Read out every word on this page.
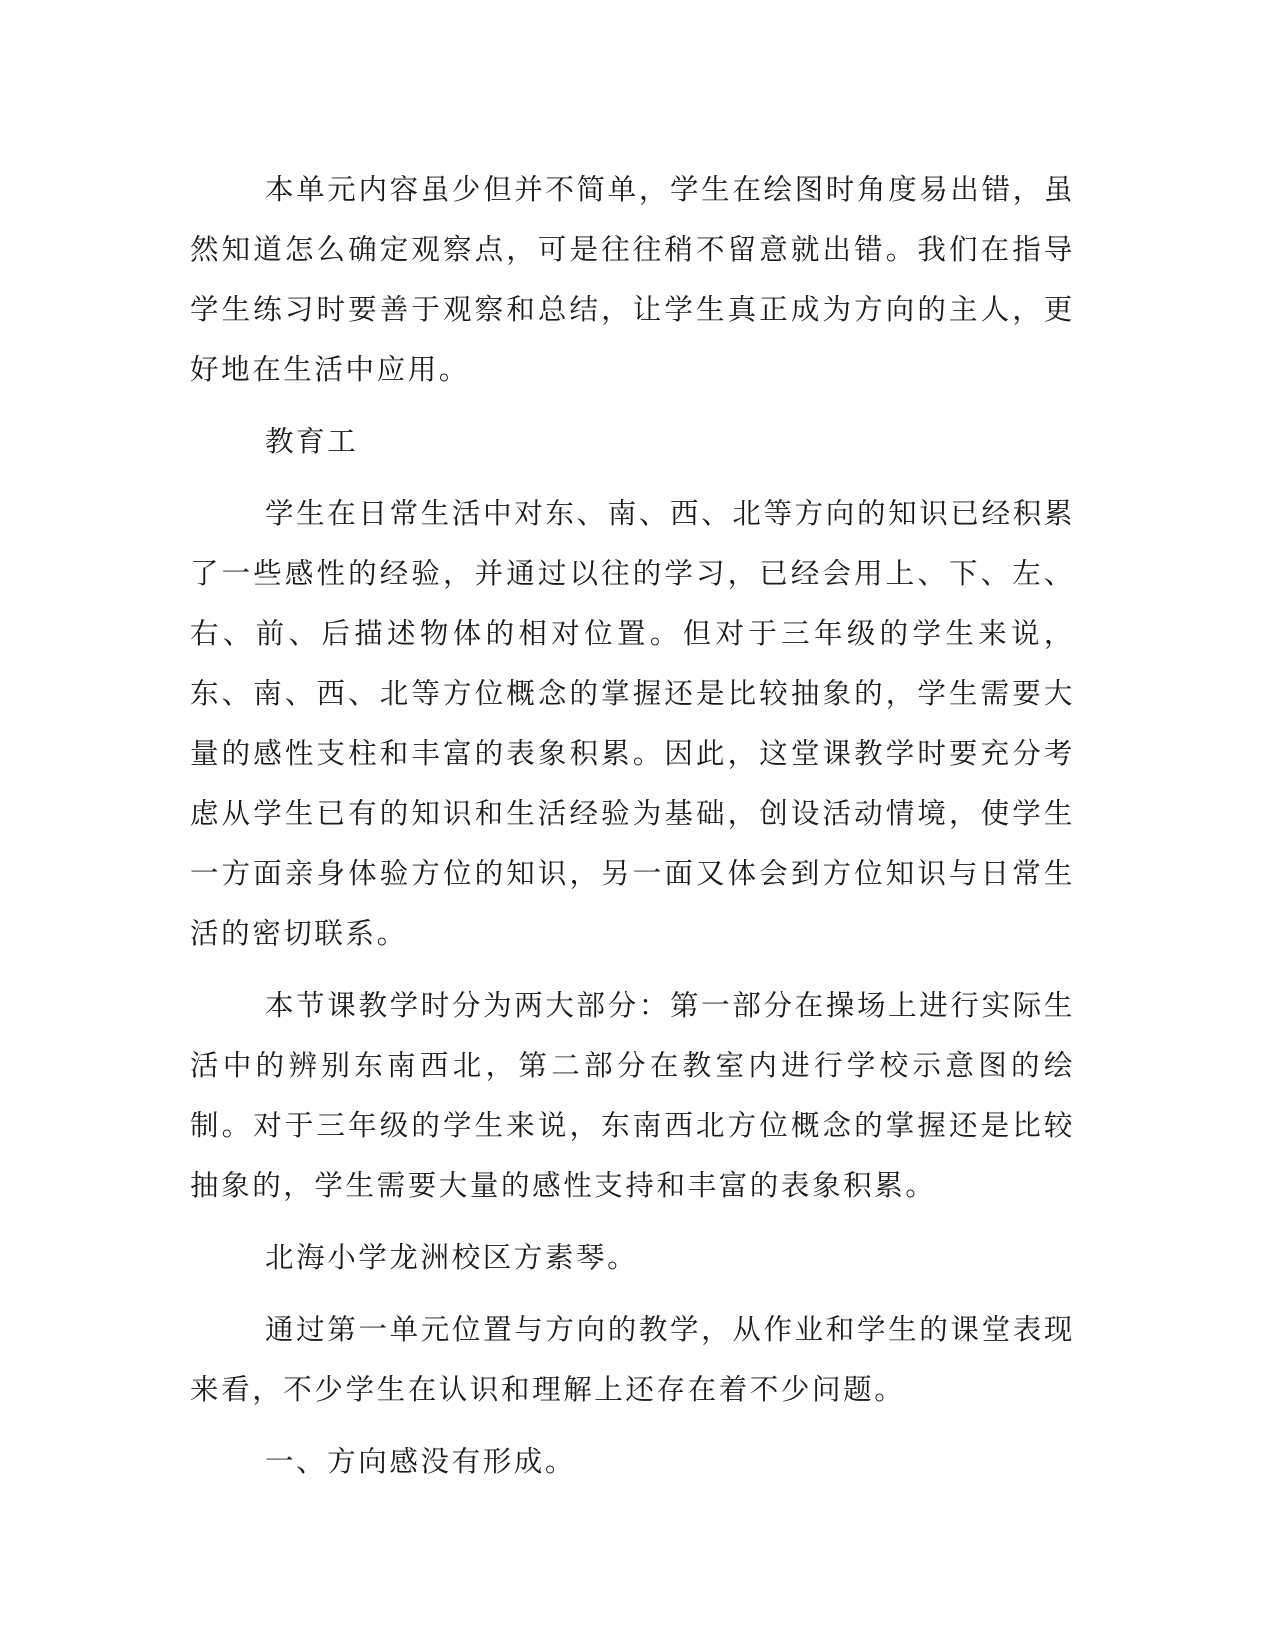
本单元内容虽少但并不简单，学生在绘图时角度易出错，虽然知道怎么确定观察点，可是往往稍不留意就出错。我们在指导学生练习时要善于观察和总结，让学生真正成为方向的主人，更好地在生活中应用。

教育工

学生在日常生活中对东、南、西、北等方向的知识已经积累了一些感性的经验，并通过以往的学习，已经会用上、下、左、右、前、后描述物体的相对位置。但对于三年级的学生来说，东、南、西、北等方位概念的掌握还是比较抽象的，学生需要大量的感性支柱和丰富的表象积累。因此，这堂课教学时要充分考虑从学生已有的知识和生活经验为基础，创设活动情境，使学生一方面亲身体验方位的知识，另一面又体会到方位知识与日常生活的密切联系。

本节课教学时分为两大部分：第一部分在操场上进行实际生活中的辨别东南西北，第二部分在教室内进行学校示意图的绘制。对于三年级的学生来说，东南西北方位概念的掌握还是比较抽象的，学生需要大量的感性支持和丰富的表象积累。

北海小学龙洲校区方素琴。

通过第一单元位置与方向的教学，从作业和学生的课堂表现来看，不少学生在认识和理解上还存在着不少问题。

一、方向感没有形成。
